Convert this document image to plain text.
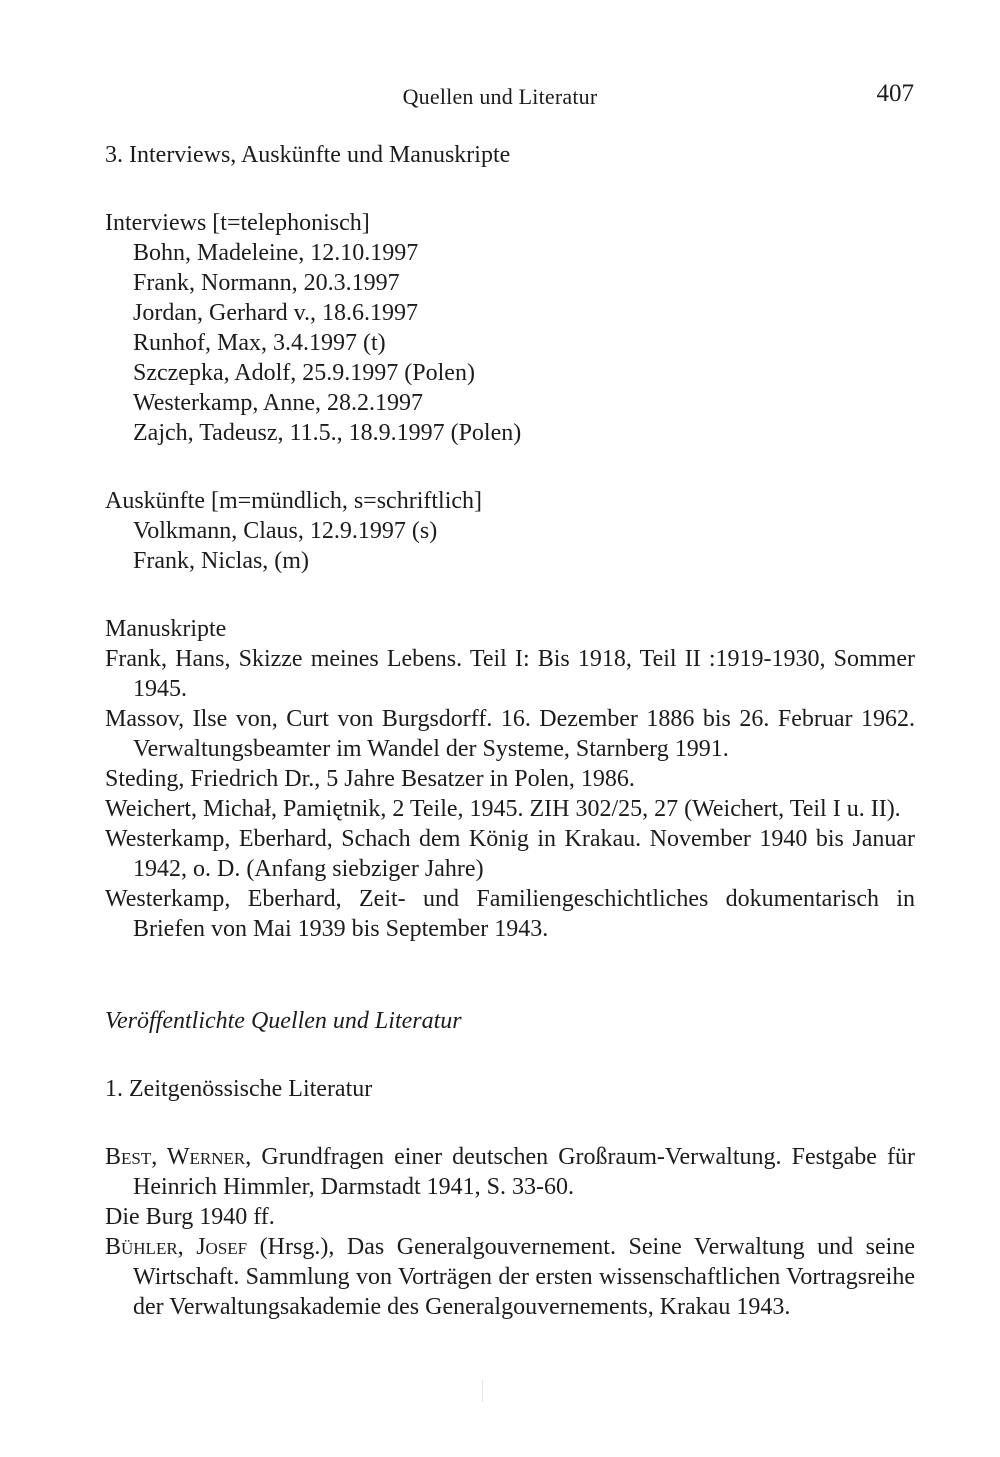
Quellen und Literatur	407

3. Interviews, Auskünfte und Manuskripte

Interviews [t=telephonisch]

Bohn, Madeleine, 12.10.1997

Frank, Normann, 20.3.1997

Jordan, Gerhard v., 18.6.1997

Runhof, Max, 3.4.1997 (t)

Szczepka, Adolf, 25.9.1997 (Polen)

Westerkamp, Anne, 28.2.1997

Zajch, Tadeusz, 11.5., 18.9.1997 (Polen)

Auskünfte [m=mündlich, s=schriftlich]

Volkmann, Claus, 12.9.1997 (s)

Frank, Niclas, (m)

Manuskripte

Frank, Hans, Skizze meines Lebens. Teil I: Bis 1918, Teil II :1919-1930, Sommer 1945.

Massov, Ilse von, Curt von Burgsdorff. 16. Dezember 1886 bis 26. Februar 1962. Verwaltungsbeamter im Wandel der Systeme, Starnberg 1991.

Steding, Friedrich Dr., 5 Jahre Besatzer in Polen, 1986.

Weichert, Michał, Pamiętnik, 2 Teile, 1945. ZIH 302/25, 27 (Weichert, Teil I u. II).

Westerkamp, Eberhard, Schach dem König in Krakau. November 1940 bis Januar 1942, o. D. (Anfang siebziger Jahre)

Westerkamp, Eberhard, Zeit- und Familiengeschichtliches dokumentarisch in Briefen von Mai 1939 bis September 1943.

Veröffentlichte Quellen und Literatur

1. Zeitgenössische Literatur

Best, Werner, Grundfragen einer deutschen Großraum-Verwaltung. Festgabe für Heinrich Himmler, Darmstadt 1941, S. 33-60.

Die Burg 1940 ff.

Bühler, Josef (Hrsg.), Das Generalgouvernement. Seine Verwaltung und seine Wirtschaft. Sammlung von Vorträgen der ersten wissenschaftlichen Vortragsreihe der Verwaltungsakademie des Generalgouvernements, Krakau 1943.
